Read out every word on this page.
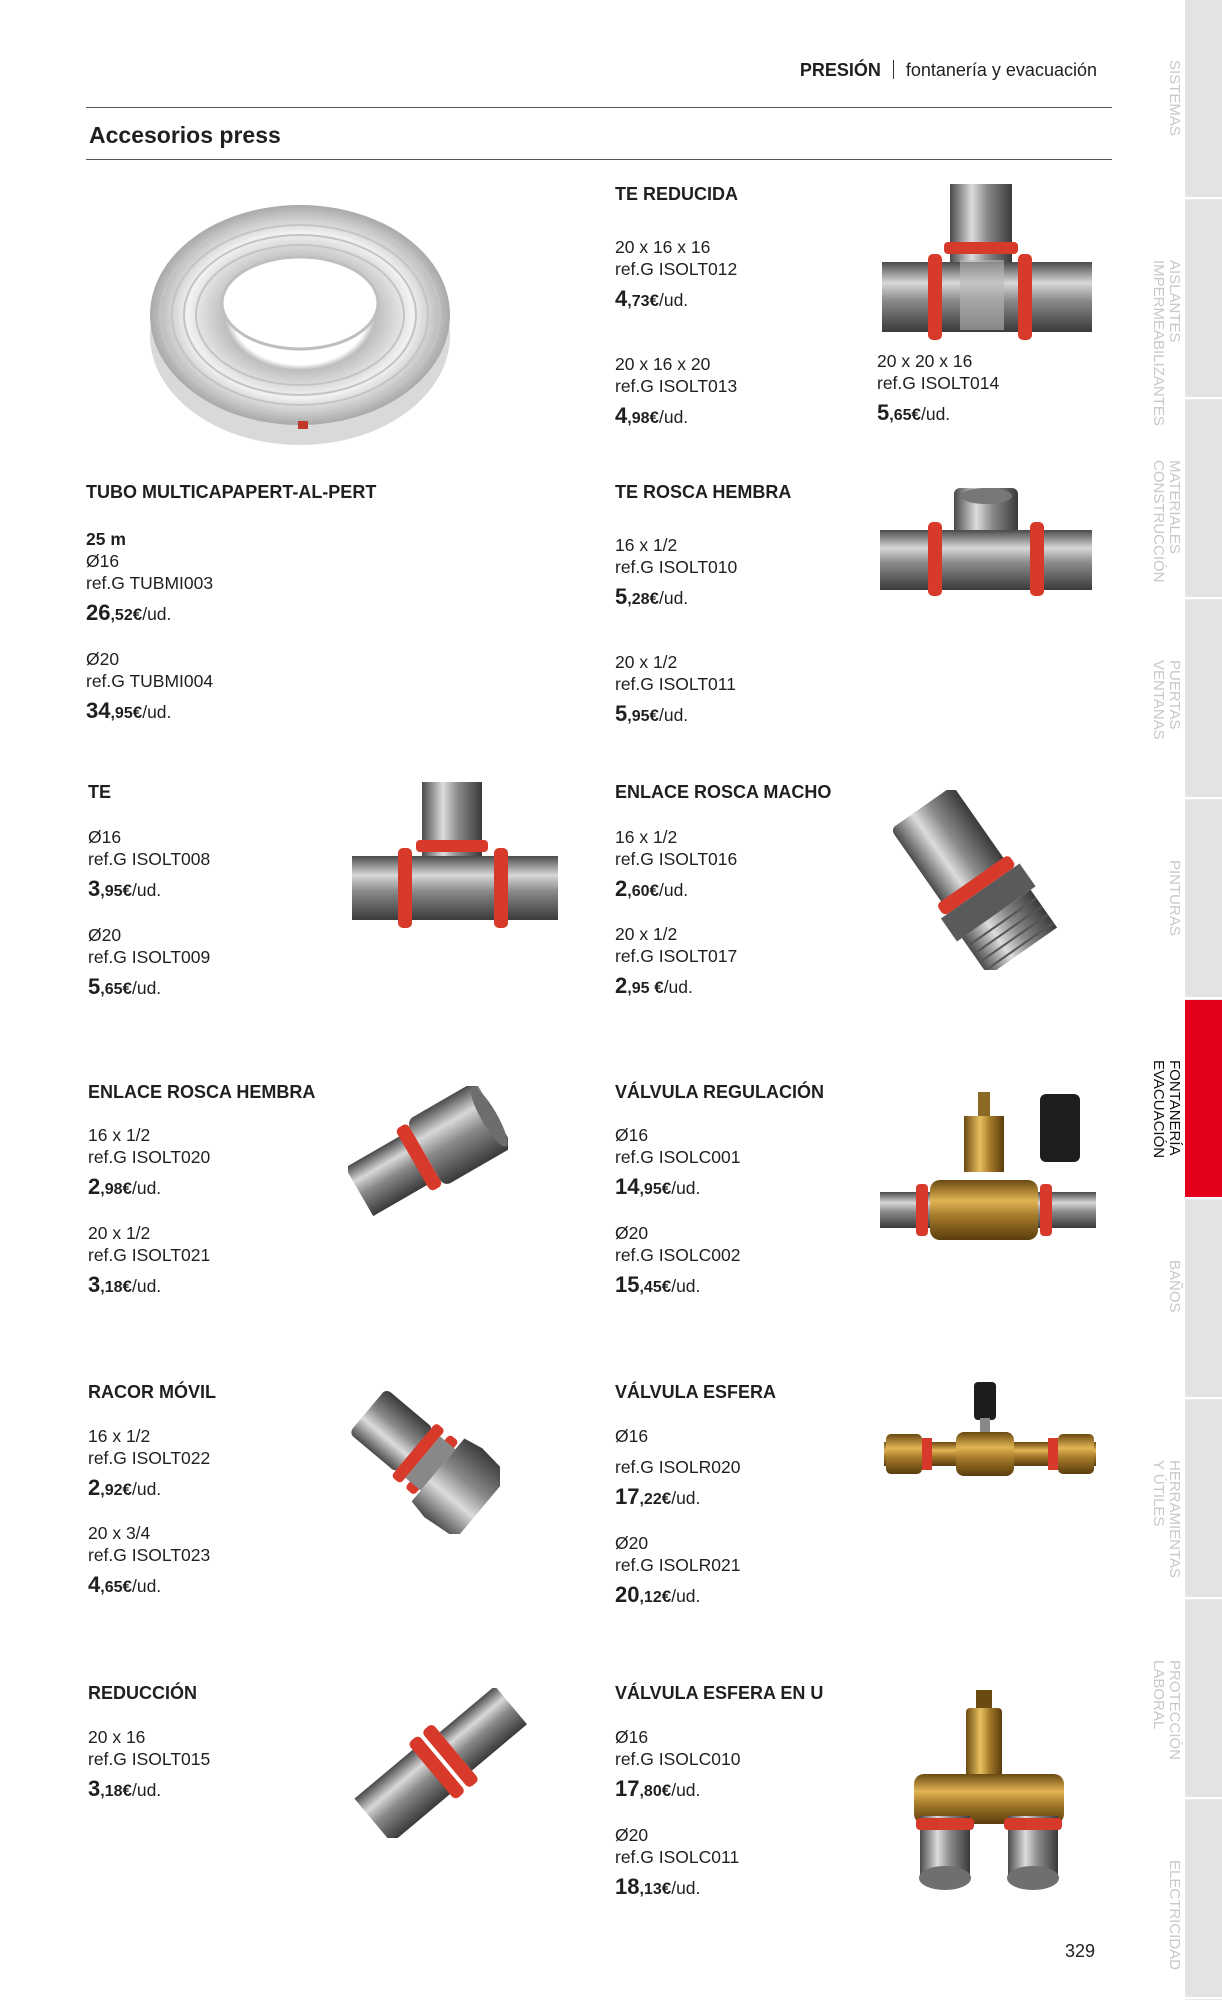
PRESIÓN fontanería y evacuación
Accesorios press
TUBO MULTICAPAPERT-AL-PERT
25 m
Ø16
ref.G TUBMI003
26,52€/ud.
Ø20
ref.G TUBMI004
34,95€/ud.
TE REDUCIDA
20 x 16 x 16
ref.G ISOLT012
4,73€/ud.
20 x 16 x 20
ref.G ISOLT013
4,98€/ud.
20 x 20 x 16
ref.G ISOLT014
5,65€/ud.
TE ROSCA HEMBRA
16 x 1/2
ref.G ISOLT010
5,28€/ud.
20 x 1/2
ref.G ISOLT011
5,95€/ud.
TE
Ø16
ref.G ISOLT008
3,95€/ud.
Ø20
ref.G ISOLT009
5,65€/ud.
ENLACE ROSCA MACHO
16 x 1/2
ref.G ISOLT016
2,60€/ud.
20 x 1/2
ref.G ISOLT017
2,95 €/ud.
ENLACE ROSCA HEMBRA
16 x 1/2
ref.G ISOLT020
2,98€/ud.
20 x 1/2
ref.G ISOLT021
3,18€/ud.
VÁLVULA REGULACIÓN
Ø16
ref.G ISOLC001
14,95€/ud.
Ø20
ref.G ISOLC002
15,45€/ud.
RACOR MÓVIL
16 x 1/2
ref.G ISOLT022
2,92€/ud.
20 x 3/4
ref.G ISOLT023
4,65€/ud.
VÁLVULA ESFERA
Ø16
ref.G ISOLR020
17,22€/ud.
Ø20
ref.G ISOLR021
20,12€/ud.
REDUCCIÓN
20 x 16
ref.G ISOLT015
3,18€/ud.
VÁLVULA ESFERA EN U
Ø16
ref.G ISOLC010
17,80€/ud.
Ø20
ref.G ISOLC011
18,13€/ud.
329
SISTEMAS
AISLANTES
IMPERMEABILIZANTES
MATERIALES
CONSTRUCCIÓN
PUERTAS
VENTANAS
PINTURAS
FONTANERÍA
EVACUACIÓN
BAÑOS
HERRAMIENTAS
Y ÚTILES
PROTECCIÓN
LABORAL
ELECTRICIDAD
